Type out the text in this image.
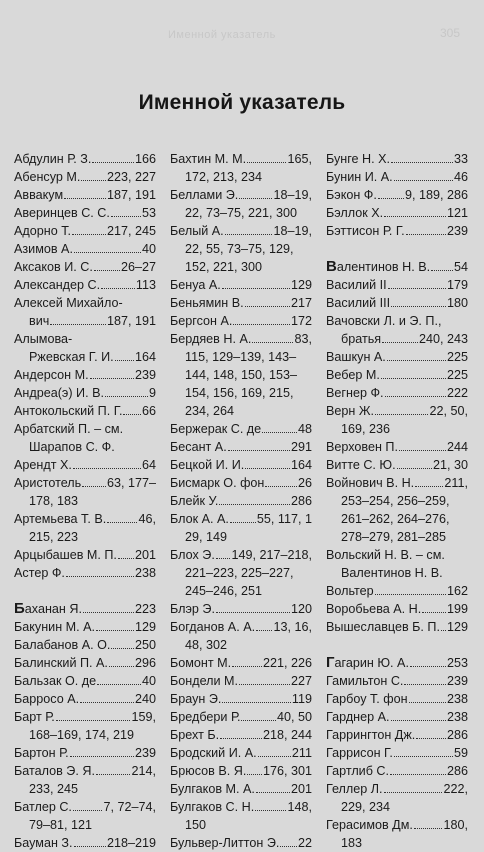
Именной указатель	305
Именной указатель
Абдулин Р. З.	166
Абенсур М. 223, 227
Аввакум	187, 191
Аверинцев С. С.	53
Адорно Т.	217, 245
Азимов А.	40
Аксаков И. С. 26–27
Александер С.	113
Алексей Михайло-
вич	187, 191
Алымова-
Ржевская Г. И. 164
Андерсон М.	239
Андреа(э) И. В.	9
Антокольский П. Г. 66
Арбатский П. – см.
Шарапов С. Ф.
Арендт Х.	64
Аристотель 63, 177–
178, 183
Артемьева Т. В.	46,
215, 223
Арцыбашев М. П. 201
Астер Ф.	238
Баханан Я.	223
Бакунин М. А.	129
Балабанов А. О. 250
Балинский П. А. 296
Бальзак О. де	40
Барросо А.	240
Барт Р.	159,
168–169, 174, 219
Бартон Р.	239
Баталов Э. Я.	214,
233, 245
Батлер С.	7, 72–74,
79–81, 121
Бауман З.	218–219
Бахтин М. М.	165,
172, 213, 234
Беллами Э.	18–19,
22, 73–75, 221, 300
Белый А.	18–19,
22, 55, 73–75, 129,
152, 221, 300
Бенуа А.	129
Беньямин В.	217
Бергсон А.	172
Бердяев Н. А.	83,
115, 129–139, 143–
144, 148, 150, 153–
154, 156, 169, 215,
234, 264
Бержерак С. де	48
Бесант А.	291
Бецкой И. И.	164
Бисмарк О. фон	26
Блейк У.	286
Блок А. А. 55, 117, 1
29, 149
Блох Э. 149, 217–218,
221–223, 225–227,
245–246, 251
Блэр Э.	120
Богданов А. А. 13, 16,
48, 302
Бомонт М.	221, 226
Бондели М.	227
Браун Э.	119
Бредбери Р.	40, 50
Брехт Б.	218, 244
Бродский И. А.	211
Брюсов В. Я. 176, 301
Булгаков М. А.	201
Булгаков С. Н.	148,
150
Бульвер-Литтон Э. 22
Бунге Н. Х.	33
Бунин И. А.	46
Бэкон Ф. 9, 189, 286
Бэллок Х.	121
Бэттисон Р. Г.	239
Валентинов Н. В. 54
Василий II	179
Василий III	180
Вачовски Л. и Э. П.,
братья	240, 243
Вашкун А.	225
Вебер М.	225
Вегнер Ф.	222
Верн Ж.	22, 50,
169, 236
Верховен П.	244
Витте С. Ю.	21, 30
Войнович В. Н. 211,
253–254, 256–259,
261–262, 264–276,
278–279, 281–285
Вольский Н. В. – см.
Валентинов Н. В.
Вольтер	162
Воробьева А. Н. 199
Вышеславцев Б. П. 129
Гагарин Ю. А.	253
Гамильтон С.	239
Гарбоу Т. фон	238
Гарднер А.	238
Гаррингтон Дж.	286
Гаррисон Г.	59
Гартлиб С.	286
Геллер Л.	222,
229, 234
Герасимов Дм. 180,
183
